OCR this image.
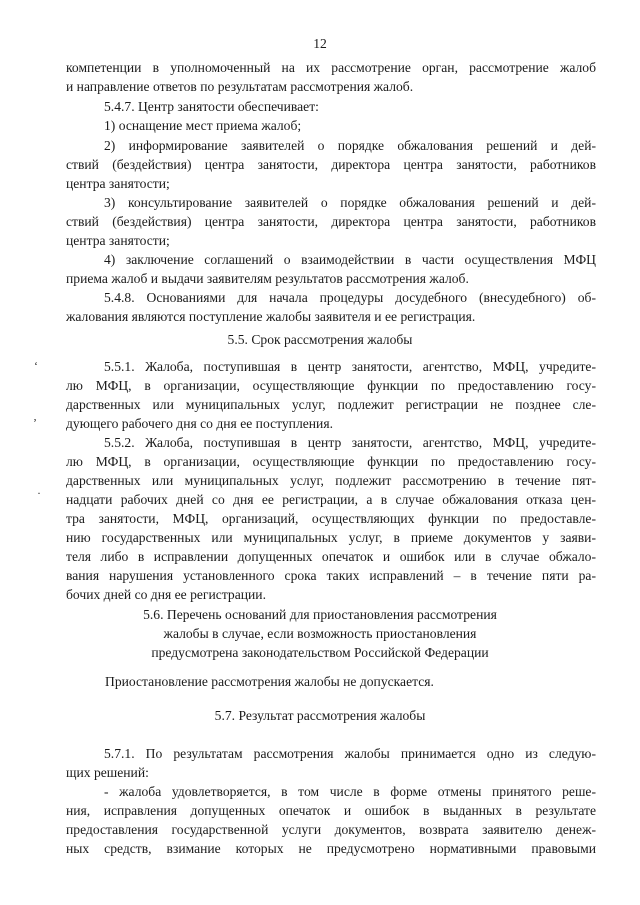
12
ʻ
ʼ
·
компетенции в уполномоченный на их рассмотрение орган, рассмотрение жалоб
и направление ответов по результатам рассмотрения жалоб.
5.4.7. Центр занятости обеспечивает:
1) оснащение мест приема жалоб;
2) информирование заявителей о порядке обжалования решений и дей-
ствий (бездействия) центра занятости, директора центра занятости, работников
центра занятости;
3) консультирование заявителей о порядке обжалования решений и дей-
ствий (бездействия) центра занятости, директора центра занятости, работников
центра занятости;
4) заключение соглашений о взаимодействии в части осуществления МФЦ
приема жалоб и выдачи заявителям результатов рассмотрения жалоб.
5.4.8. Основаниями для начала процедуры досудебного (внесудебного) об-
жалования являются поступление жалобы заявителя и ее регистрация.
5.5.1. Жалоба, поступившая в центр занятости, агентство, МФЦ, учредите-
лю МФЦ, в организации, осуществляющие функции по предоставлению госу-
дарственных или муниципальных услуг, подлежит регистрации не позднее сле-
дующего рабочего дня со дня ее поступления.
5.5.2. Жалоба, поступившая в центр занятости, агентство, МФЦ, учредите-
лю МФЦ, в организации, осуществляющие функции по предоставлению госу-
дарственных или муниципальных услуг, подлежит рассмотрению в течение пят-
надцати рабочих дней со дня ее регистрации, а в случае обжалования отказа цен-
тра занятости, МФЦ, организаций, осуществляющих функции по предоставле-
нию государственных или муниципальных услуг, в приеме документов у заяви-
теля либо в исправлении допущенных опечаток и ошибок или в случае обжало-
вания нарушения установленного срока таких исправлений – в течение пяти ра-
бочих дней со дня ее регистрации.
5.7.1. По результатам рассмотрения жалобы принимается одно из следую-
щих решений:
- жалоба удовлетворяется, в том числе в форме отмены принятого реше-
ния, исправления допущенных опечаток и ошибок в выданных в результате
предоставления государственной услуги документов, возврата заявителю денеж-
ных средств, взимание которых не предусмотрено нормативными правовыми
5.5. Срок рассмотрения жалобы
5.6. Перечень оснований для приостановления рассмотрения
жалобы в случае, если возможность приостановления
предусмотрена законодательством Российской Федерации
Приостановление рассмотрения жалобы не допускается.
5.7. Результат рассмотрения жалобы
